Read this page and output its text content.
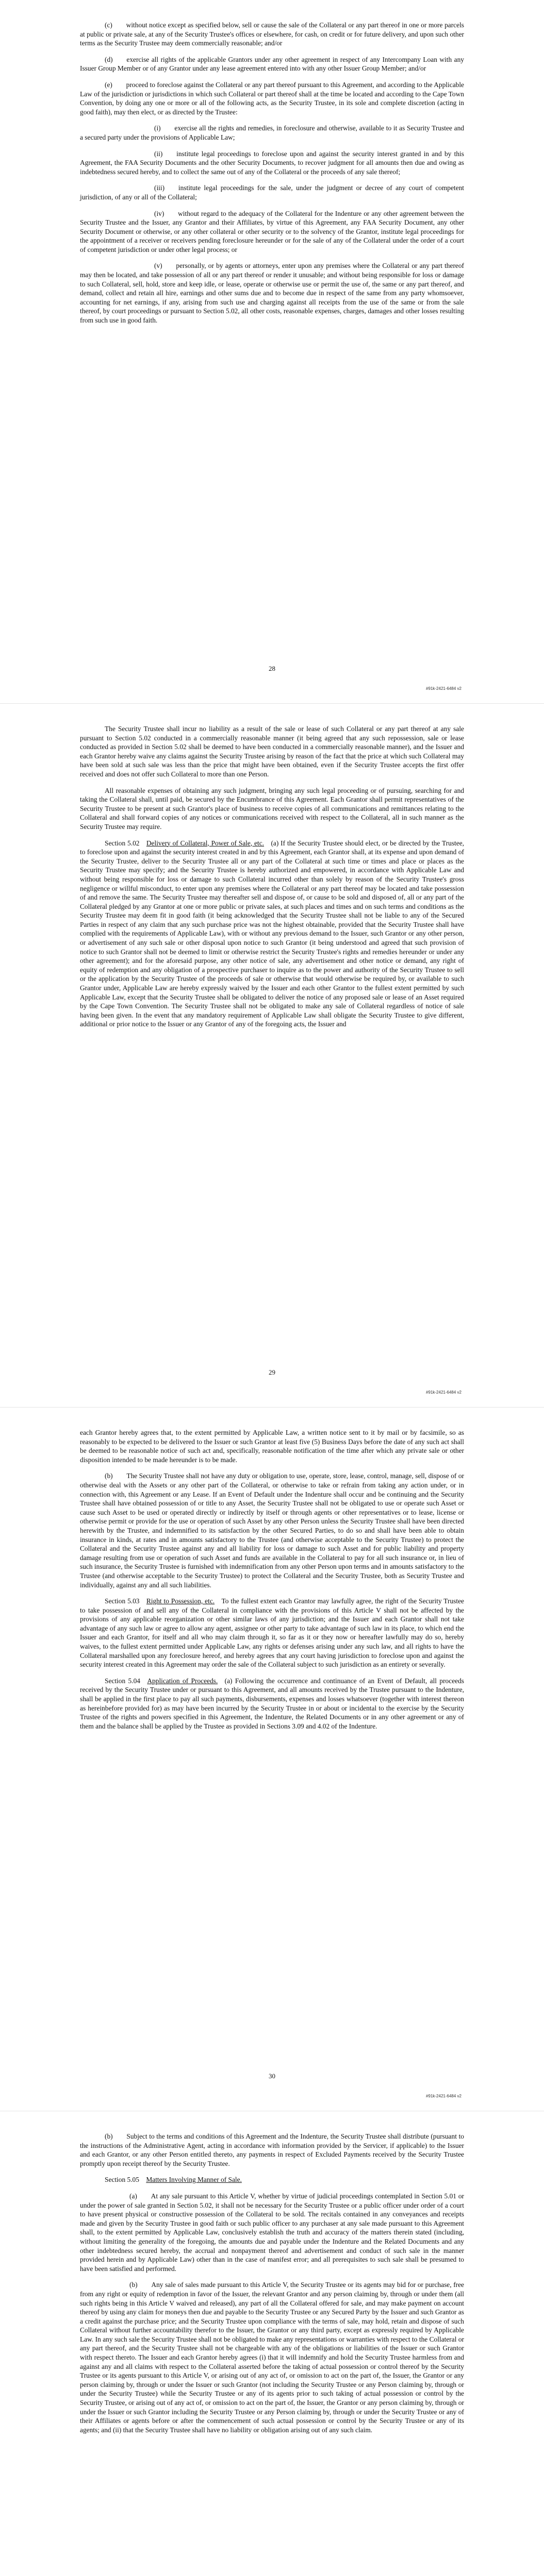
(c)  without notice except as specified below, sell or cause the sale of the Collateral or any part thereof in one or more parcels at public or private sale, at any of the Security Trustee's offices or elsewhere, for cash, on credit or for future delivery, and upon such other terms as the Security Trustee may deem commercially reasonable; and/or

(d)  exercise all rights of the applicable Grantors under any other agreement in respect of any Intercompany Loan with any Issuer Group Member or of any Grantor under any lease agreement entered into with any other Issuer Group Member; and/or

(e)  proceed to foreclose against the Collateral or any part thereof pursuant to this Agreement, and according to the Applicable Law of the jurisdiction or jurisdictions in which such Collateral or part thereof shall at the time be located and according to the Cape Town Convention, by doing any one or more or all of the following acts, as the Security Trustee, in its sole and complete discretion (acting in good faith), may then elect, or as directed by the Trustee:

(i)  exercise all the rights and remedies, in foreclosure and otherwise, available to it as Security Trustee and a secured party under the provisions of Applicable Law;

(ii)  institute legal proceedings to foreclose upon and against the security interest granted in and by this Agreement, the FAA Security Documents and the other Security Documents, to recover judgment for all amounts then due and owing as indebtedness secured hereby, and to collect the same out of any of the Collateral or the proceeds of any sale thereof;

(iii)  institute legal proceedings for the sale, under the judgment or decree of any court of competent jurisdiction, of any or all of the Collateral;

(iv)  without regard to the adequacy of the Collateral for the Indenture or any other agreement between the Security Trustee and the Issuer, any Grantor and their Affiliates, by virtue of this Agreement, any FAA Security Document, any other Security Document or otherwise, or any other collateral or other security or to the solvency of the Grantor, institute legal proceedings for the appointment of a receiver or receivers pending foreclosure hereunder or for the sale of any of the Collateral under the order of a court of competent jurisdiction or under other legal process; or

(v)  personally, or by agents or attorneys, enter upon any premises where the Collateral or any part thereof may then be located, and take possession of all or any part thereof or render it unusable; and without being responsible for loss or damage to such Collateral, sell, hold, store and keep idle, or lease, operate or otherwise use or permit the use of, the same or any part thereof, and demand, collect and retain all hire, earnings and other sums due and to become due in respect of the same from any party whomsoever, accounting for net earnings, if any, arising from such use and charging against all receipts from the use of the same or from the sale thereof, by court proceedings or pursuant to Section 5.02, all other costs, reasonable expenses, charges, damages and other losses resulting from such use in good faith.

28
#91k-2421-6484 v2

The Security Trustee shall incur no liability as a result of the sale or lease of such Collateral or any part thereof at any sale pursuant to Section 5.02 conducted in a commercially reasonable manner (it being agreed that any such repossession, sale or lease conducted as provided in Section 5.02 shall be deemed to have been conducted in a commercially reasonable manner), and the Issuer and each Grantor hereby waive any claims against the Security Trustee arising by reason of the fact that the price at which such Collateral may have been sold at such sale was less than the price that might have been obtained, even if the Security Trustee accepts the first offer received and does not offer such Collateral to more than one Person.

All reasonable expenses of obtaining any such judgment, bringing any such legal proceeding or of pursuing, searching for and taking the Collateral shall, until paid, be secured by the Encumbrance of this Agreement. Each Grantor shall permit representatives of the Security Trustee to be present at such Grantor's place of business to receive copies of all communications and remittances relating to the Collateral and shall forward copies of any notices or communications received with respect to the Collateral, all in such manner as the Security Trustee may require.

Section 5.02 Delivery of Collateral, Power of Sale, etc.  (a) If the Security Trustee should elect, or be directed by the Trustee, to foreclose upon and against the security interest created in and by this Agreement, each Grantor shall, at its expense and upon demand of the Security Trustee, deliver to the Security Trustee all or any part of the Collateral at such time or times and place or places as the Security Trustee may specify; and the Security Trustee is hereby authorized and empowered, in accordance with Applicable Law and without being responsible for loss or damage to such Collateral incurred other than solely by reason of the Security Trustee's gross negligence or willful misconduct, to enter upon any premises where the Collateral or any part thereof may be located and take possession of and remove the same. The Security Trustee may thereafter sell and dispose of, or cause to be sold and disposed of, all or any part of the Collateral pledged by any Grantor at one or more public or private sales, at such places and times and on such terms and conditions as the Security Trustee may deem fit in good faith (it being acknowledged that the Security Trustee shall not be liable to any of the Secured Parties in respect of any claim that any such purchase price was not the highest obtainable, provided that the Security Trustee shall have complied with the requirements of Applicable Law), with or without any previous demand to the Issuer, such Grantor or any other person, or advertisement of any such sale or other disposal upon notice to such Grantor (it being understood and agreed that such provision of notice to such Grantor shall not be deemed to limit or otherwise restrict the Security Trustee's rights and remedies hereunder or under any other agreement); and for the aforesaid purpose, any other notice of sale, any advertisement and other notice or demand, any right of equity of redemption and any obligation of a prospective purchaser to inquire as to the power and authority of the Security Trustee to sell or the application by the Security Trustee of the proceeds of sale or otherwise that would otherwise be required by, or available to such Grantor under, Applicable Law are hereby expressly waived by the Issuer and each other Grantor to the fullest extent permitted by such Applicable Law, except that the Security Trustee shall be obligated to deliver the notice of any proposed sale or lease of an Asset required by the Cape Town Convention. The Security Trustee shall not be obligated to make any sale of Collateral regardless of notice of sale having been given. In the event that any mandatory requirement of Applicable Law shall obligate the Security Trustee to give different, additional or prior notice to the Issuer or any Grantor of any of the foregoing acts, the Issuer and

29
#91k-2421-6484 v2

each Grantor hereby agrees that, to the extent permitted by Applicable Law, a written notice sent to it by mail or by facsimile, so as reasonably to be expected to be delivered to the Issuer or such Grantor at least five (5) Business Days before the date of any such act shall be deemed to be reasonable notice of such act and, specifically, reasonable notification of the time after which any private sale or other disposition intended to be made hereunder is to be made.

(b)  The Security Trustee shall not have any duty or obligation to use, operate, store, lease, control, manage, sell, dispose of or otherwise deal with the Assets or any other part of the Collateral, or otherwise to take or refrain from taking any action under, or in connection with, this Agreement or any Lease. If an Event of Default under the Indenture shall occur and be continuing and the Security Trustee shall have obtained possession of or title to any Asset, the Security Trustee shall not be obligated to use or operate such Asset or cause such Asset to be used or operated directly or indirectly by itself or through agents or other representatives or to lease, license or otherwise permit or provide for the use or operation of such Asset by any other Person unless the Security Trustee shall have been directed herewith by the Trustee, and indemnified to its satisfaction by the other Secured Parties, to do so and shall have been able to obtain insurance in kinds, at rates and in amounts satisfactory to the Trustee (and otherwise acceptable to the Security Trustee) to protect the Collateral and the Security Trustee against any and all liability for loss or damage to such Asset and for public liability and property damage resulting from use or operation of such Asset and funds are available in the Collateral to pay for all such insurance or, in lieu of such insurance, the Security Trustee is furnished with indemnification from any other Person upon terms and in amounts satisfactory to the Trustee (and otherwise acceptable to the Security Trustee) to protect the Collateral and the Security Trustee, both as Security Trustee and individually, against any and all such liabilities.

Section 5.03 Right to Possession, etc.  To the fullest extent each Grantor may lawfully agree, the right of the Security Trustee to take possession of and sell any of the Collateral in compliance with the provisions of this Article V shall not be affected by the provisions of any applicable reorganization or other similar laws of any jurisdiction; and the Issuer and each Grantor shall not take advantage of any such law or agree to allow any agent, assignee or other party to take advantage of such law in its place, to which end the Issuer and each Grantor, for itself and all who may claim through it, so far as it or they now or hereafter lawfully may do so, hereby waives, to the fullest extent permitted under Applicable Law, any rights or defenses arising under any such law, and all rights to have the Collateral marshalled upon any foreclosure hereof, and hereby agrees that any court having jurisdiction to foreclose upon and against the security interest created in this Agreement may order the sale of the Collateral subject to such jurisdiction as an entirety or severally.

Section 5.04 Application of Proceeds.  (a) Following the occurrence and continuance of an Event of Default, all proceeds received by the Security Trustee under or pursuant to this Agreement, and all amounts received by the Trustee pursuant to the Indenture, shall be applied in the first place to pay all such payments, disbursements, expenses and losses whatsoever (together with interest thereon as hereinbefore provided for) as may have been incurred by the Security Trustee in or about or incidental to the exercise by the Security Trustee of the rights and powers specified in this Agreement, the Indenture, the Related Documents or in any other agreement or any of them and the balance shall be applied by the Trustee as provided in Sections 3.09 and 4.02 of the Indenture.

30
#91k-2421-6484 v2

(b)  Subject to the terms and conditions of this Agreement and the Indenture, the Security Trustee shall distribute (pursuant to the instructions of the Administrative Agent, acting in accordance with information provided by the Servicer, if applicable) to the Issuer and each Grantor, or any other Person entitled thereto, any payments in respect of Excluded Payments received by the Security Trustee promptly upon receipt thereof by the Security Trustee.

Section 5.05 Matters Involving Manner of Sale. 

(a)  At any sale pursuant to this Article V, whether by virtue of judicial proceedings contemplated in Section 5.01 or under the power of sale granted in Section 5.02, it shall not be necessary for the Security Trustee or a public officer under order of a court to have present physical or constructive possession of the Collateral to be sold. The recitals contained in any conveyances and receipts made and given by the Security Trustee in good faith or such public officer to any purchaser at any sale made pursuant to this Agreement shall, to the extent permitted by Applicable Law, conclusively establish the truth and accuracy of the matters therein stated (including, without limiting the generality of the foregoing, the amounts due and payable under the Indenture and the Related Documents and any other indebtedness secured hereby, the accrual and nonpayment thereof and advertisement and conduct of such sale in the manner provided herein and by Applicable Law) other than in the case of manifest error; and all prerequisites to such sale shall be presumed to have been satisfied and performed.

(b)  Any sale of sales made pursuant to this Article V, the Security Trustee or its agents may bid for or purchase, free from any right or equity of redemption in favor of the Issuer, the relevant Grantor and any person claiming by, through or under them (all such rights being in this Article V waived and released), any part of all the Collateral offered for sale, and may make payment on account thereof by using any claim for moneys then due and payable to the Security Trustee or any Secured Party by the Issuer and such Grantor as a credit against the purchase price; and the Security Trustee upon compliance with the terms of sale, may hold, retain and dispose of such Collateral without further accountability therefor to the Issuer, the Grantor or any third party, except as expressly required by Applicable Law. In any such sale the Security Trustee shall not be obligated to make any representations or warranties with respect to the Collateral or any part thereof, and the Security Trustee shall not be chargeable with any of the obligations or liabilities of the Issuer or such Grantor with respect thereto. The Issuer and each Grantor hereby agrees (i) that it will indemnify and hold the Security Trustee harmless from and against any and all claims with respect to the Collateral asserted before the taking of actual possession or control thereof by the Security Trustee or its agents pursuant to this Article V, or arising out of any act of, or omission to act on the part of, the Issuer, the Grantor or any person claiming by, through or under the Issuer or such Grantor (not including the Security Trustee or any Person claiming by, through or under the Security Trustee) while the Security Trustee or any of its agents prior to such taking of actual possession or control by the Security Trustee, or arising out of any act of, or omission to act on the part of, the Issuer, the Grantor or any person claiming by, through or under the Issuer or such Grantor including the Security Trustee or any Person claiming by, through or under the Security Trustee or any of their Affiliates or agents before or after the commencement of such actual possession or control by the Security Trustee or any of its agents; and (ii) that the Security Trustee shall have no liability or obligation arising out of any such claim.
